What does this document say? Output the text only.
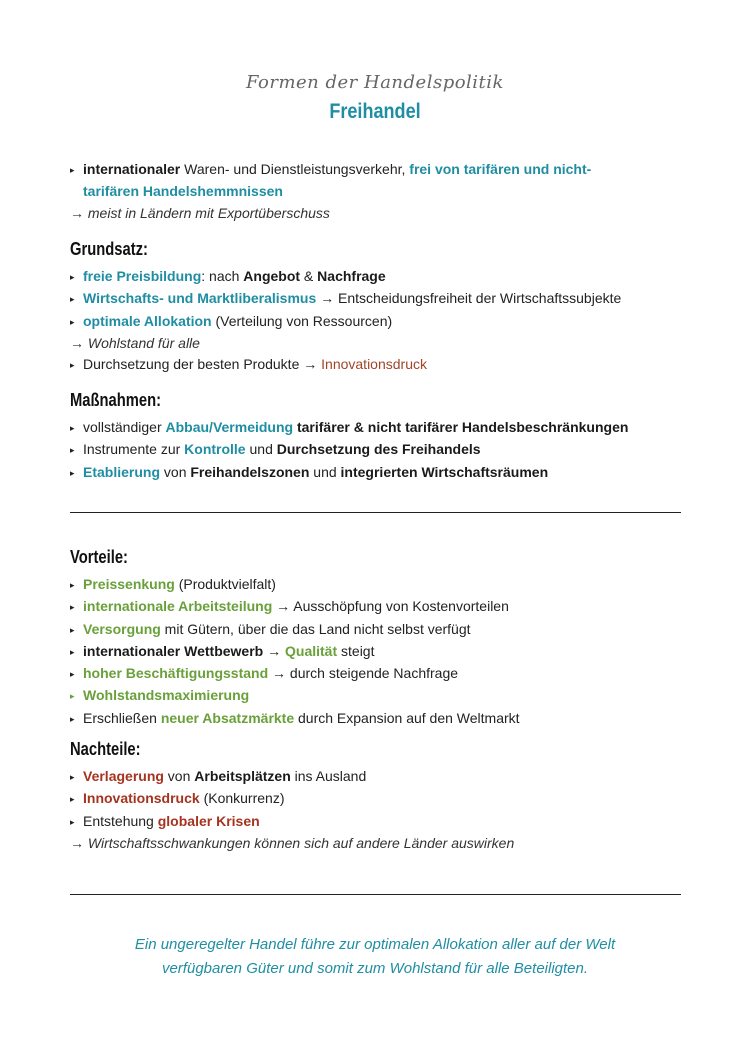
Formen der Handelspolitik
Freihandel
▸ internationaler Waren- und Dienstleistungsverkehr, frei von tarifären und nicht-
tarifären Handelshemmnissen
→ meist in Ländern mit Exportüberschuss
Grundsatz:
▸ freie Preisbildung: nach Angebot & Nachfrage
▸ Wirtschafts- und Marktliberalismus → Entscheidungsfreiheit der Wirtschaftssubjekte
▸ optimale Allokation (Verteilung von Ressourcen)
→ Wohlstand für alle
▸ Durchsetzung der besten Produkte → Innovationsdruck
Maßnahmen:
▸ vollständiger Abbau/Vermeidung tarifärer & nicht tarifärer Handelsbeschränkungen
▸ Instrumente zur Kontrolle und Durchsetzung des Freihandels
▸ Etablierung von Freihandelszonen und integrierten Wirtschaftsräumen
Vorteile:
▸ Preissenkung (Produktvielfalt)
▸ internationale Arbeitsteilung → Ausschöpfung von Kostenvorteilen
▸ Versorgung mit Gütern, über die das Land nicht selbst verfügt
▸ internationaler Wettbewerb → Qualität steigt
▸ hoher Beschäftigungsstand → durch steigende Nachfrage
▸ Wohlstandsmaximierung
▸ Erschließen neuer Absatzmärkte durch Expansion auf den Weltmarkt
Nachteile:
▸ Verlagerung von Arbeitsplätzen ins Ausland
▸ Innovationsdruck (Konkurrenz)
▸ Entstehung globaler Krisen
→ Wirtschaftsschwankungen können sich auf andere Länder auswirken
Ein ungeregelter Handel führe zur optimalen Allokation aller auf der Welt
verfügbaren Güter und somit zum Wohlstand für alle Beteiligten.
